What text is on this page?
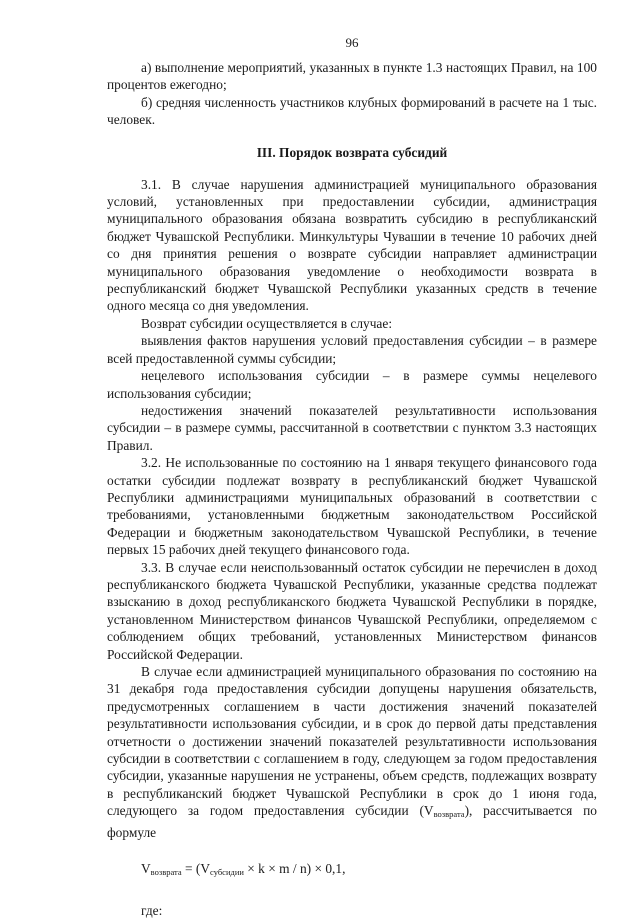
96

а) выполнение мероприятий, указанных в пункте 1.3 настоящих Правил, на 100 процентов ежегодно;

б) средняя численность участников клубных формирований в расчете на 1 тыс. человек.

III. Порядок возврата субсидий

3.1. В случае нарушения администрацией муниципального образования условий, установленных при предоставлении субсидии, администрация муниципального образования обязана возвратить субсидию в республиканский бюджет Чувашской Республики. Минкультуры Чувашии в течение 10 рабочих дней со дня принятия решения о возврате субсидии направляет администрации муниципального образования уведомление о необходимости возврата в республиканский бюджет Чувашской Республики указанных средств в течение одного месяца со дня уведомления.

Возврат субсидии осуществляется в случае:

выявления фактов нарушения условий предоставления субсидии – в размере всей предоставленной суммы субсидии;

нецелевого использования субсидии – в размере суммы нецелевого использования субсидии;

недостижения значений показателей результативности использования субсидии – в размере суммы, рассчитанной в соответствии с пунктом 3.3 настоящих Правил.

3.2. Не использованные по состоянию на 1 января текущего финансового года остатки субсидии подлежат возврату в республиканский бюджет Чувашской Республики администрациями муниципальных образований в соответствии с требованиями, установленными бюджетным законодательством Российской Федерации и бюджетным законодательством Чувашской Республики, в течение первых 15 рабочих дней текущего финансового года.

3.3. В случае если неиспользованный остаток субсидии не перечислен в доход республиканского бюджета Чувашской Республики, указанные средства подлежат взысканию в доход республиканского бюджета Чувашской Республики в порядке, установленном Министерством финансов Чувашской Республики, определяемом с соблюдением общих требований, установленных Министерством финансов Российской Федерации.

В случае если администрацией муниципального образования по состоянию на 31 декабря года предоставления субсидии допущены нарушения обязательств, предусмотренных соглашением в части достижения значений показателей результативности использования субсидии, и в срок до первой даты представления отчетности о достижении значений показателей результативности использования субсидии в соответствии с соглашением в году, следующем за годом предоставления субсидии, указанные нарушения не устранены, объем средств, подлежащих возврату в республиканский бюджет Чувашской Республики в срок до 1 июня года, следующего за годом предоставления субсидии (Vвозврата), рассчитывается по формуле

$V_{возврата} = (V_{субсидии} \times k \times m / n) \times 0,1$,
где:
